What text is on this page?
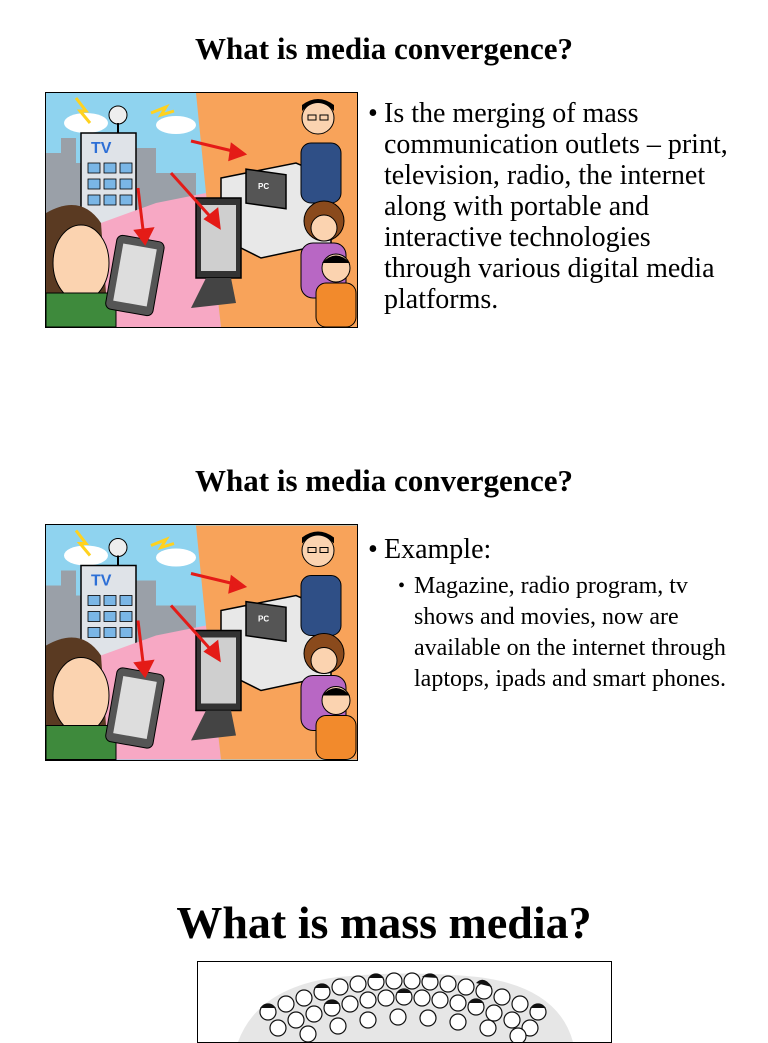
What is media convergence?
TV
PC
• Is the merging of mass communication outlets – print, television, radio, the internet along with portable and interactive technologies through various digital media platforms.
What is media convergence?
TV
PC
• Example:
• Magazine, radio program, tv shows and movies, now are available on the internet through laptops, ipads and smart phones.
What is mass media?
